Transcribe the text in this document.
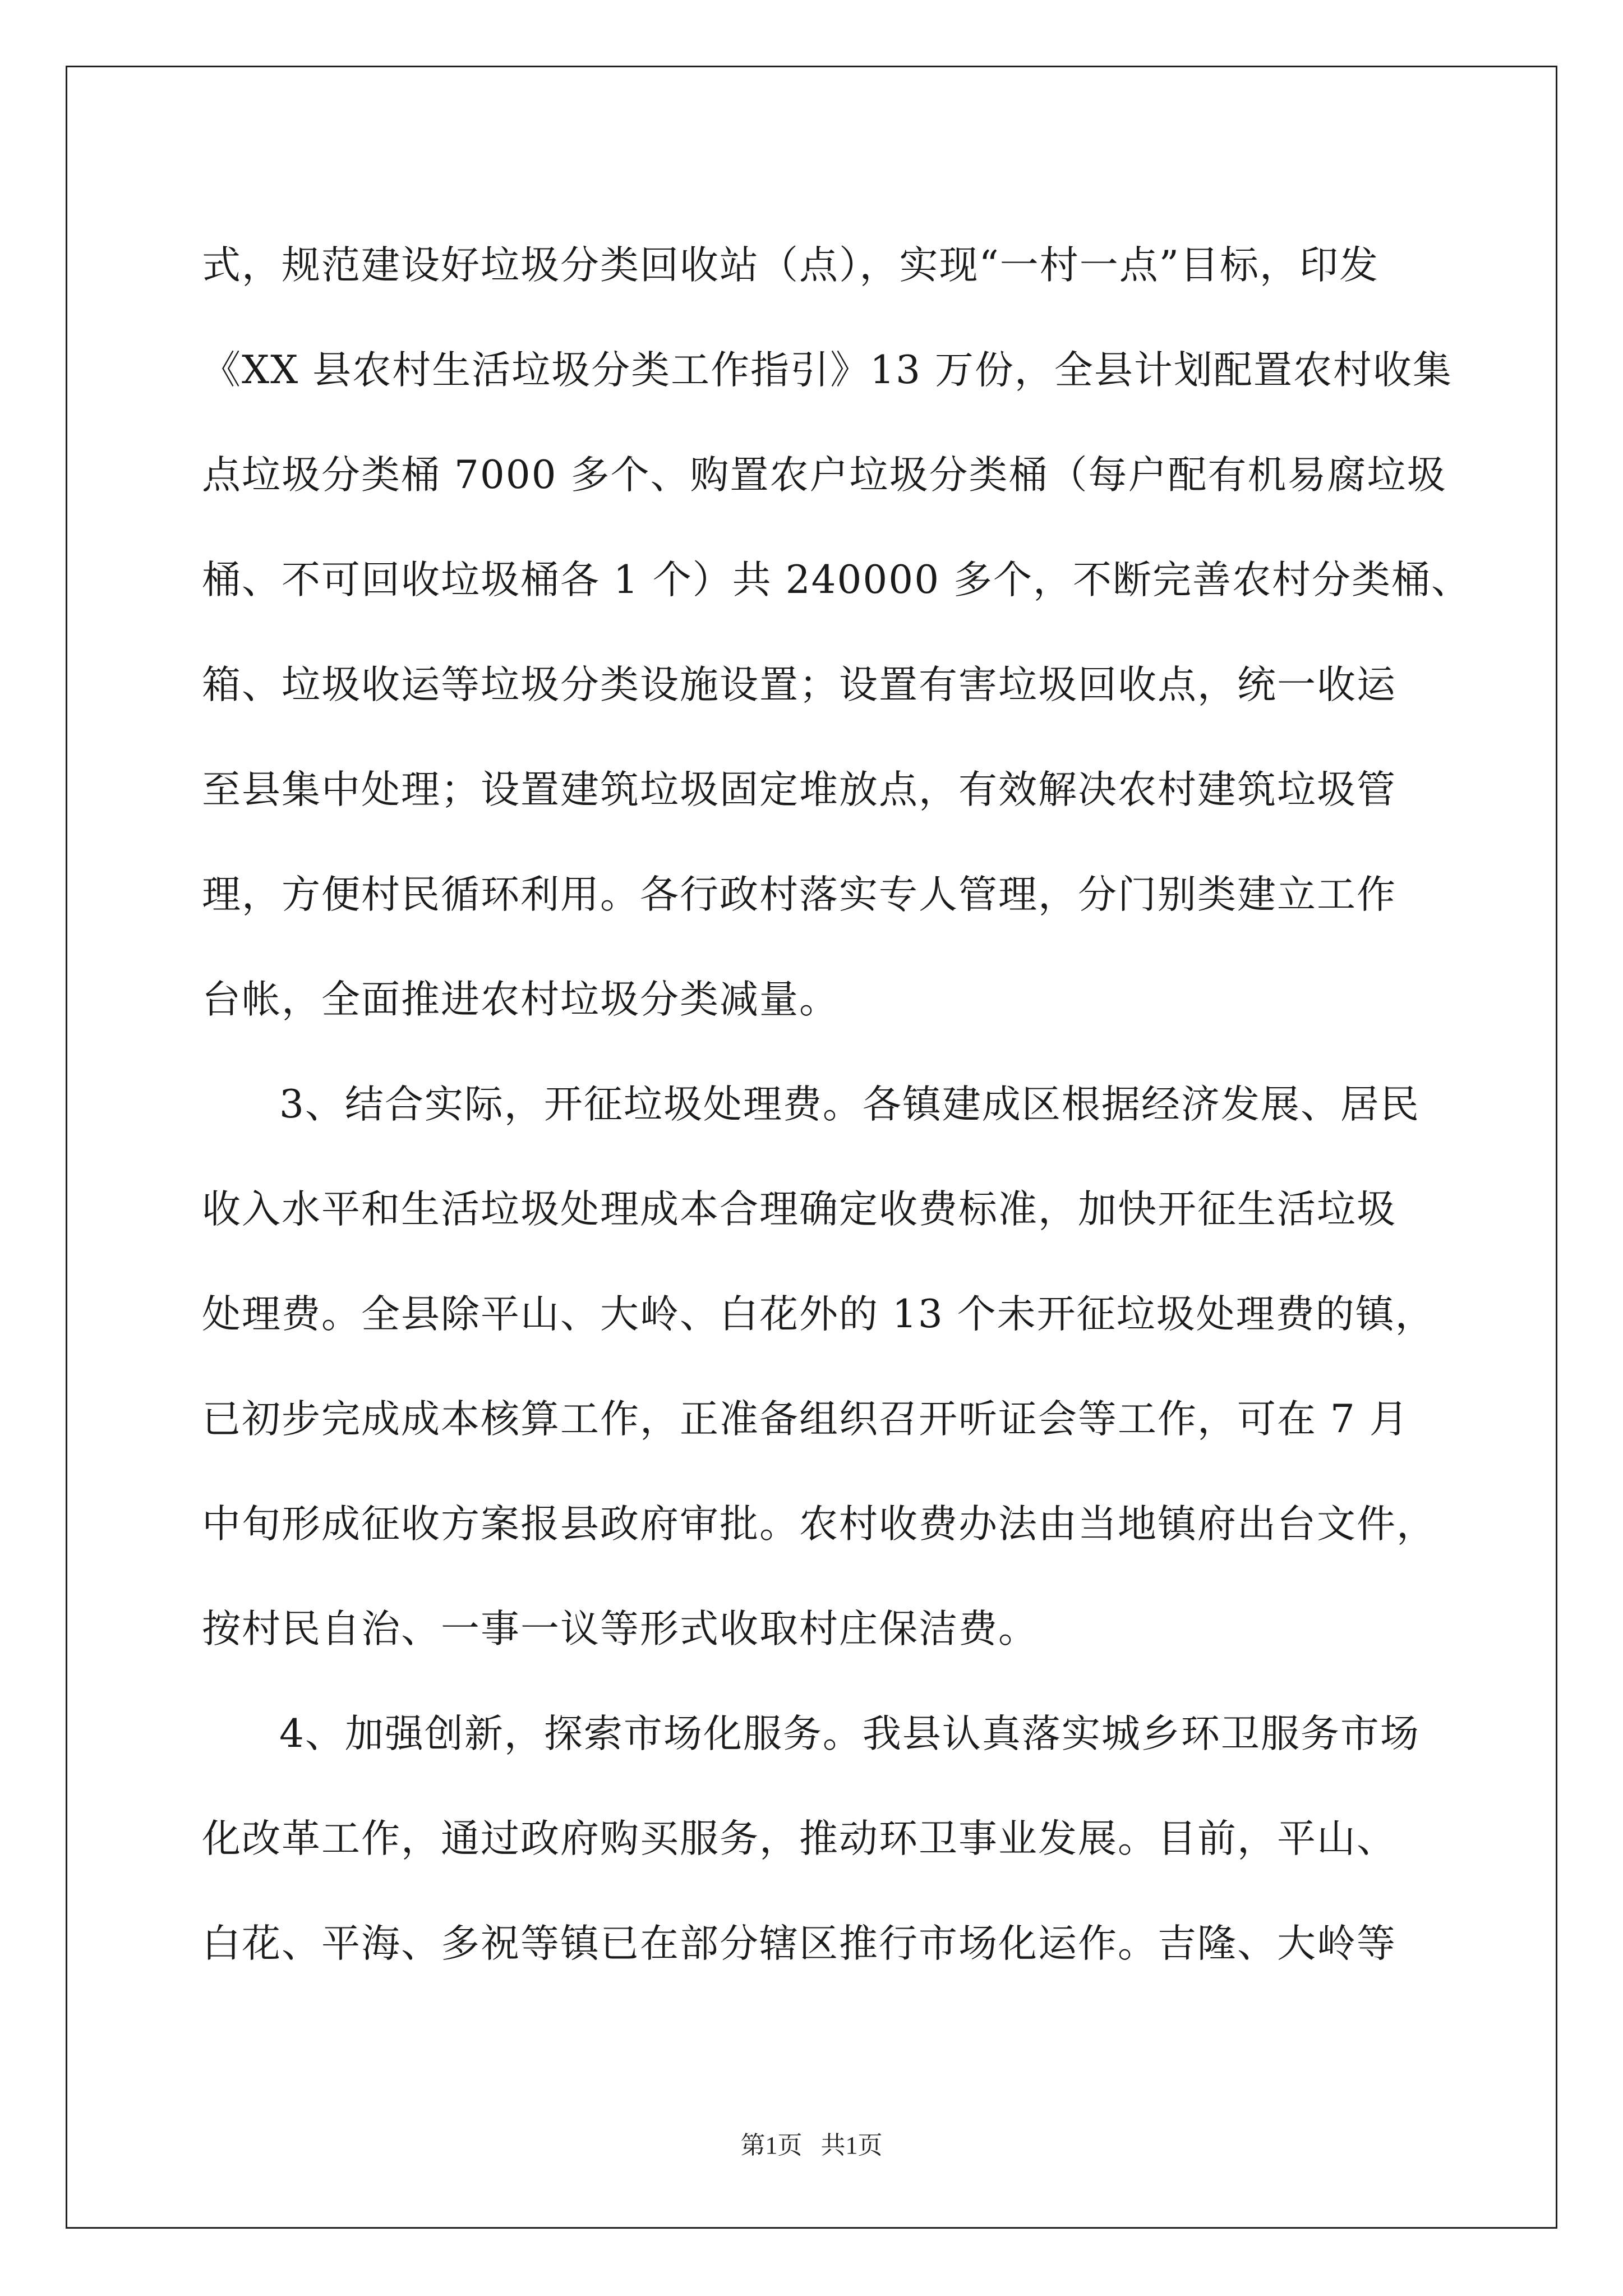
式，规范建设好垃圾分类回收站（点），实现“一村一点”目标，印发
《XX 县农村生活垃圾分类工作指引》13 万份，全县计划配置农村收集
点垃圾分类桶 7000 多个、购置农户垃圾分类桶（每户配有机易腐垃圾
桶、不可回收垃圾桶各 1 个）共 240000 多个，不断完善农村分类桶、
箱、垃圾收运等垃圾分类设施设置；设置有害垃圾回收点，统一收运
至县集中处理；设置建筑垃圾固定堆放点，有效解决农村建筑垃圾管
理，方便村民循环利用。各行政村落实专人管理，分门别类建立工作
台帐，全面推进农村垃圾分类减量。
3、结合实际，开征垃圾处理费。各镇建成区根据经济发展、居民
收入水平和生活垃圾处理成本合理确定收费标准，加快开征生活垃圾
处理费。全县除平山、大岭、白花外的 13 个未开征垃圾处理费的镇，
已初步完成成本核算工作，正准备组织召开听证会等工作，可在 7 月
中旬形成征收方案报县政府审批。农村收费办法由当地镇府出台文件，
按村民自治、一事一议等形式收取村庄保洁费。
4、加强创新，探索市场化服务。我县认真落实城乡环卫服务市场
化改革工作，通过政府购买服务，推动环卫事业发展。目前，平山、
白花、平海、多祝等镇已在部分辖区推行市场化运作。吉隆、大岭等
第1页   共1页
